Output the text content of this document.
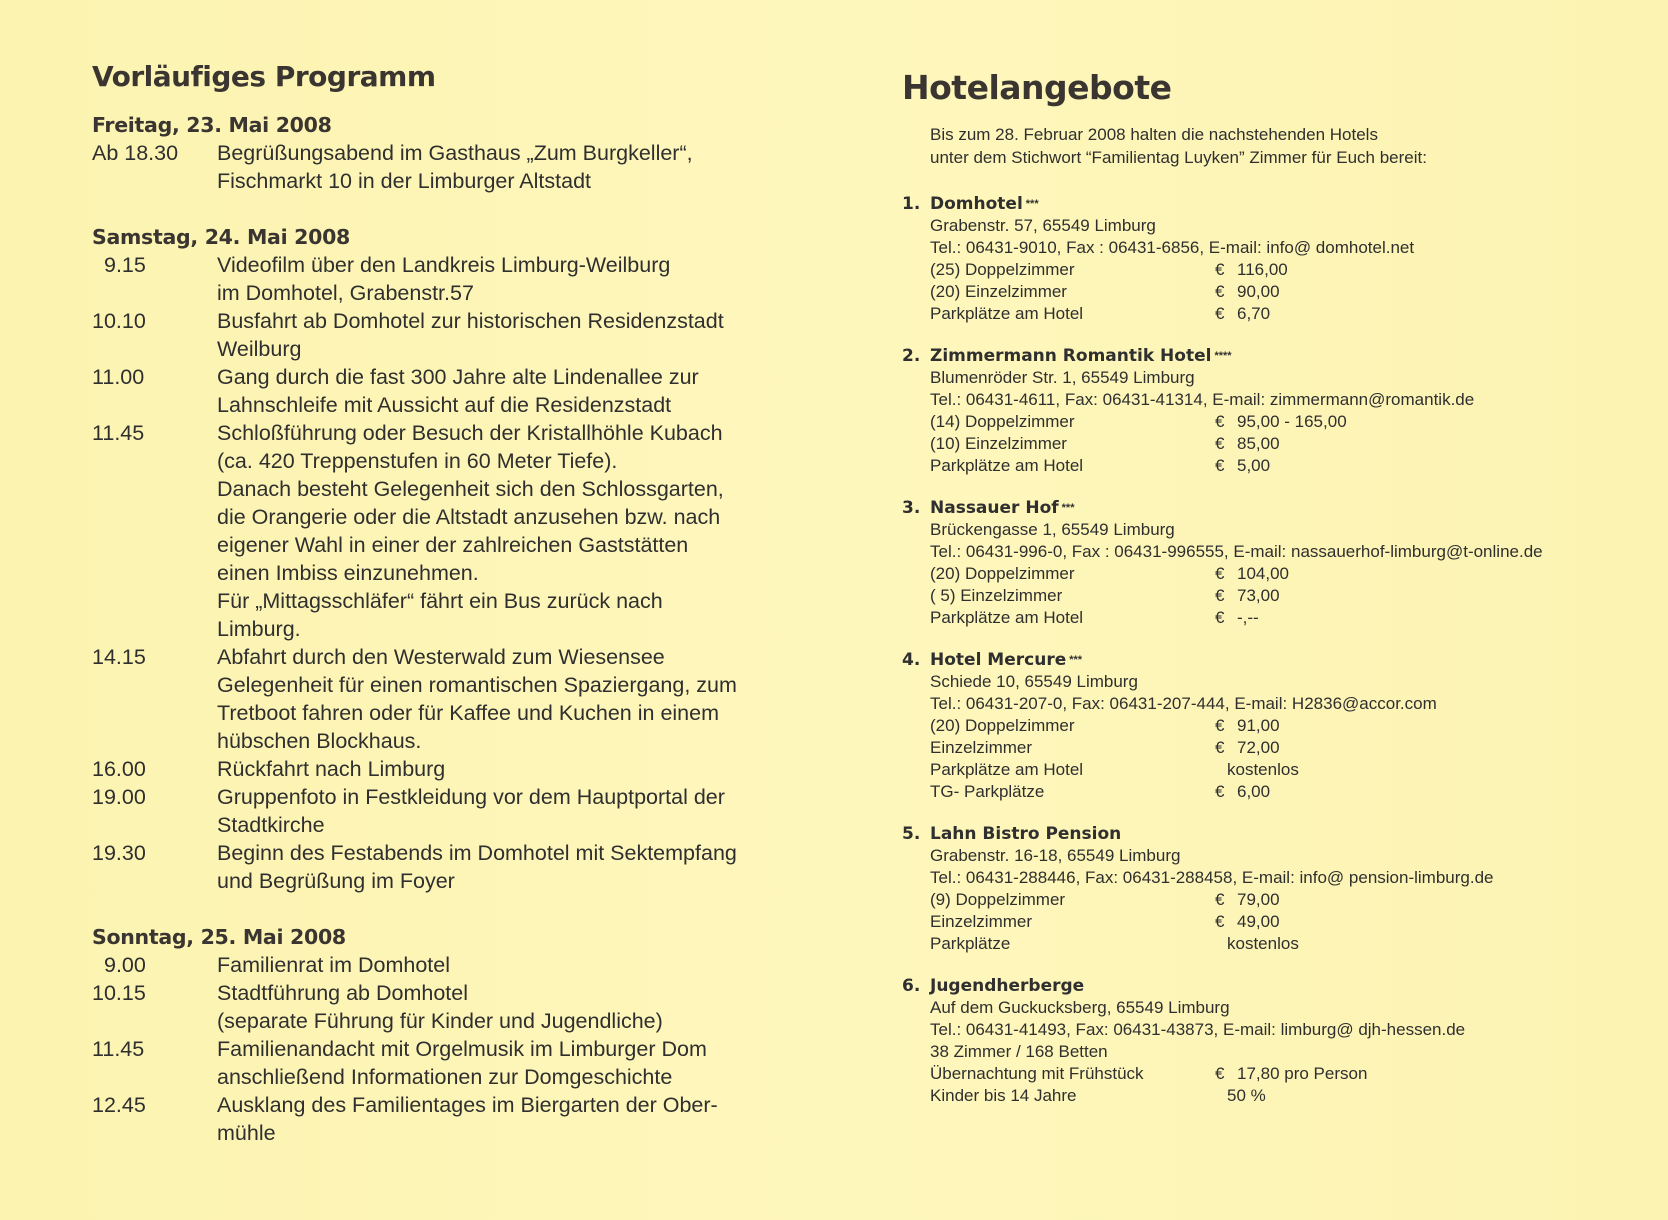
Vorläufiges Programm
Freitag, 23. Mai 2008
Ab 18.30	Begrüßungsabend im Gasthaus „Zum Burgkeller“,
Fischmarkt 10 in der Limburger Altstadt
Samstag, 24. Mai 2008
9.15	Videofilm über den Landkreis Limburg-Weilburg
im Domhotel, Grabenstr.57
10.10	Busfahrt ab Domhotel zur historischen Residenzstadt
Weilburg
11.00	Gang durch die fast 300 Jahre alte Lindenallee zur
Lahnschleife mit Aussicht auf die Residenzstadt
11.45	Schloßführung oder Besuch der Kristallhöhle Kubach
(ca. 420 Treppenstufen in 60 Meter Tiefe).
Danach besteht Gelegenheit sich den Schlossgarten,
die Orangerie oder die Altstadt anzusehen bzw. nach
eigener Wahl in einer der zahlreichen Gaststätten
einen Imbiss einzunehmen.
Für „Mittagsschläfer“ fährt ein Bus zurück nach
Limburg.
14.15	Abfahrt durch den Westerwald zum Wiesensee
Gelegenheit für einen romantischen Spaziergang, zum
Tretboot fahren oder für Kaffee und Kuchen in einem
hübschen Blockhaus.
16.00	Rückfahrt nach Limburg
19.00	Gruppenfoto in Festkleidung vor dem Hauptportal der
Stadtkirche
19.30	Beginn des Festabends im Domhotel mit Sektempfang
und Begrüßung im Foyer
Sonntag, 25. Mai 2008
9.00	Familienrat im Domhotel
10.15	Stadtführung ab Domhotel
(separate Führung für Kinder und Jugendliche)
11.45	Familienandacht mit Orgelmusik im Limburger Dom
anschließend Informationen zur Domgeschichte
12.45	Ausklang des Familientages im Biergarten der Ober-
mühle
Hotelangebote
Bis zum 28. Februar 2008 halten die nachstehenden Hotels
unter dem Stichwort “Familientag Luyken” Zimmer für Euch bereit:
1. Domhotel ***
Grabenstr. 57, 65549 Limburg
Tel.: 06431-9010, Fax : 06431-6856, E-mail: info@ domhotel.net
(25) Doppelzimmer	€ 116,00
(20) Einzelzimmer	€ 90,00
Parkplätze am Hotel	€ 6,70
2. Zimmermann Romantik Hotel ****
Blumenröder Str. 1, 65549 Limburg
Tel.: 06431-4611, Fax: 06431-41314, E-mail: zimmermann@romantik.de
(14) Doppelzimmer	€ 95,00 - 165,00
(10) Einzelzimmer	€ 85,00
Parkplätze am Hotel	€ 5,00
3. Nassauer Hof ***
Brückengasse 1, 65549 Limburg
Tel.: 06431-996-0, Fax : 06431-996555, E-mail: nassauerhof-limburg@t-online.de
(20) Doppelzimmer	€ 104,00
( 5) Einzelzimmer	€ 73,00
Parkplätze am Hotel	€ -,--
4. Hotel Mercure ***
Schiede 10, 65549 Limburg
Tel.: 06431-207-0, Fax: 06431-207-444, E-mail: H2836@accor.com
(20) Doppelzimmer	€ 91,00
Einzelzimmer	€ 72,00
Parkplätze am Hotel	kostenlos
TG- Parkplätze	€ 6,00
5. Lahn Bistro Pension
Grabenstr. 16-18, 65549 Limburg
Tel.: 06431-288446, Fax: 06431-288458, E-mail: info@ pension-limburg.de
(9) Doppelzimmer	€ 79,00
Einzelzimmer	€ 49,00
Parkplätze	kostenlos
6. Jugendherberge
Auf dem Guckucksberg, 65549 Limburg
Tel.: 06431-41493, Fax: 06431-43873, E-mail: limburg@ djh-hessen.de
38 Zimmer / 168 Betten
Übernachtung mit Frühstück	€ 17,80 pro Person
Kinder bis 14 Jahre	50 %
